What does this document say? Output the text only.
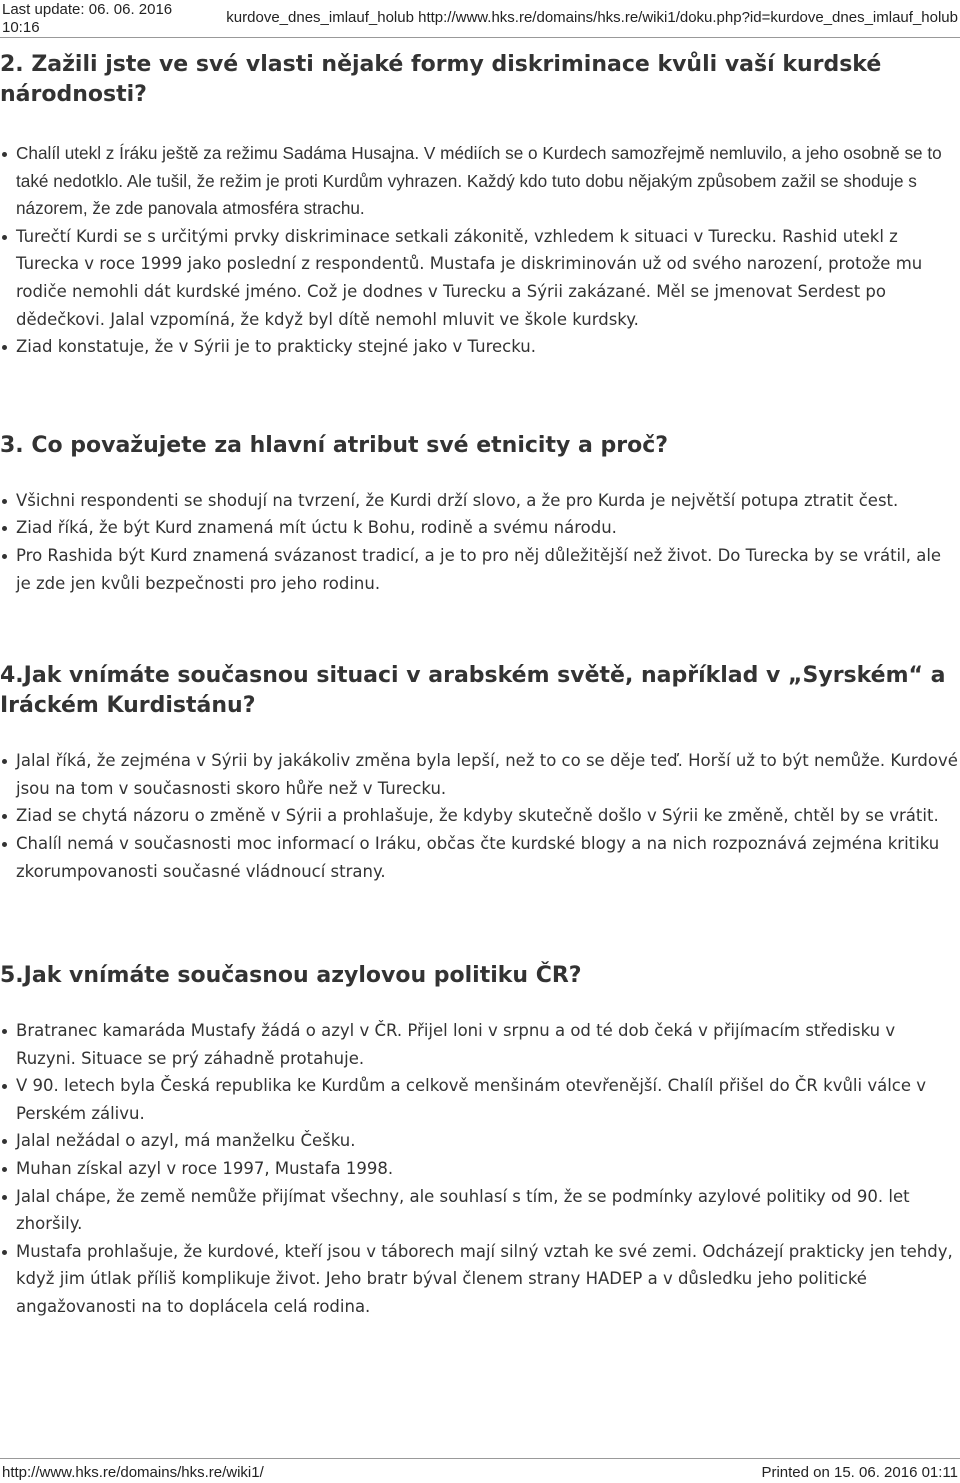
Last update: 06. 06. 2016
10:16
kurdove_dnes_imlauf_holub http://www.hks.re/domains/hks.re/wiki1/doku.php?id=kurdove_dnes_imlauf_holub
2. Zažili jste ve své vlasti nějaké formy diskriminace kvůli vaší kurdské národnosti?
Chalíl utekl z Íráku ještě za režimu Sadáma Husajna. V médiích se o Kurdech samozřejmě nemluvilo, a jeho osobně se to také nedotklo. Ale tušil, že režim je proti Kurdům vyhrazen. Každý kdo tuto dobu nějakým způsobem zažil se shoduje s názorem, že zde panovala atmosféra strachu.
Turečtí Kurdi se s určitými prvky diskriminace setkali zákonitě, vzhledem k situaci v Turecku. Rashid utekl z Turecka v roce 1999 jako poslední z respondentů. Mustafa je diskriminován už od svého narození, protože mu rodiče nemohli dát kurdské jméno. Což je dodnes v Turecku a Sýrii zakázané. Měl se jmenovat Serdest po dědečkovi. Jalal vzpomíná, že když byl dítě nemohl mluvit ve škole kurdsky.
Ziad konstatuje, že v Sýrii je to prakticky stejné jako v Turecku.
3. Co považujete za hlavní atribut své etnicity a proč?
Všichni respondenti se shodují na tvrzení, že Kurdi drží slovo, a že pro Kurda je největší potupa ztratit čest.
Ziad říká, že být Kurd znamená mít úctu k Bohu, rodině a svému národu.
Pro Rashida být Kurd znamená svázanost tradicí, a je to pro něj důležitější než život. Do Turecka by se vrátil, ale je zde jen kvůli bezpečnosti pro jeho rodinu.
4.Jak vnímáte současnou situaci v arabském světě, například v „Syrském“ a Iráckém Kurdistánu?
Jalal říká, že zejména v Sýrii by jakákoliv změna byla lepší, než to co se děje teď. Horší už to být nemůže. Kurdové jsou na tom v současnosti skoro hůře než v Turecku.
Ziad se chytá názoru o změně v Sýrii a prohlašuje, že kdyby skutečně došlo v Sýrii ke změně, chtěl by se vrátit.
Chalíl nemá v současnosti moc informací o Iráku, občas čte kurdské blogy a na nich rozpoznává zejména kritiku zkorumpovanosti současné vládnoucí strany.
5.Jak vnímáte současnou azylovou politiku ČR?
Bratranec kamaráda Mustafy žádá o azyl v ČR. Přijel loni v srpnu a od té dob čeká v přijímacím středisku v Ruzyni. Situace se prý záhadně protahuje.
V 90. letech byla Česká republika ke Kurdům a celkově menšinám otevřenější. Chalíl přišel do ČR kvůli válce v Perském zálivu.
Jalal nežádal o azyl, má manželku Češku.
Muhan získal azyl v roce 1997, Mustafa 1998.
Jalal chápe, že země nemůže přijímat všechny, ale souhlasí s tím, že se podmínky azylové politiky od 90. let zhoršily.
Mustafa prohlašuje, že kurdové, kteří jsou v táborech mají silný vztah ke své zemi. Odcházejí prakticky jen tehdy, když jim útlak příliš komplikuje život. Jeho bratr býval členem strany HADEP a v důsledku jeho politické angažovanosti na to doplácela celá rodina.
http://www.hks.re/domains/hks.re/wiki1/	Printed on 15. 06. 2016 01:11
